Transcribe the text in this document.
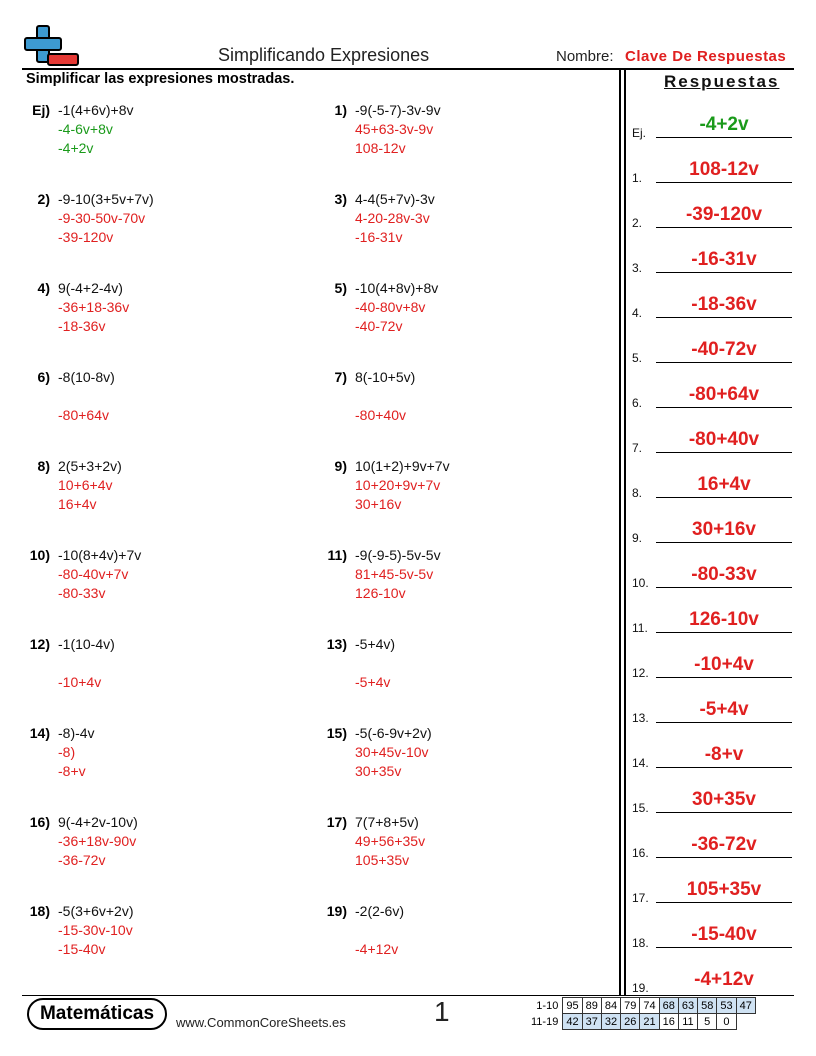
Simplificando Expresiones	Nombre: Clave De Respuestas
Simplificar las expresiones mostradas.
Ej) -1(4+6v)+8v
-4-6v+8v
-4+2v
1) -9(-5-7)-3v-9v
45+63-3v-9v
108-12v
2) -9-10(3+5v+7v)
-9-30-50v-70v
-39-120v
3) 4-4(5+7v)-3v
4-20-28v-3v
-16-31v
4) 9(-4+2-4v)
-36+18-36v
-18-36v
5) -10(4+8v)+8v
-40-80v+8v
-40-72v
6) -8(10-8v)

-80+64v
7) 8(-10+5v)

-80+40v
8) 2(5+3+2v)
10+6+4v
16+4v
9) 10(1+2)+9v+7v
10+20+9v+7v
30+16v
10) -10(8+4v)+7v
-80-40v+7v
-80-33v
11) -9(-9-5)-5v-5v
81+45-5v-5v
126-10v
12) -1(10-4v)

-10+4v
13) -5+4v)

-5+4v
14) -8)-4v
-8)
-8+v
15) -5(-6-9v+2v)
30+45v-10v
30+35v
16) 9(-4+2v-10v)
-36+18v-90v
-36-72v
17) 7(7+8+5v)
49+56+35v
105+35v
18) -5(3+6v+2v)
-15-30v-10v
-15-40v
19) -2(2-6v)

-4+12v
Respuestas
Ej.	-4+2v
1.	108-12v
2.	-39-120v
3.	-16-31v
4.	-18-36v
5.	-40-72v
6.	-80+64v
7.	-80+40v
8.	16+4v
9.	30+16v
10.	-80-33v
11.	126-10v
12.	-10+4v
13.	-5+4v
14.	-8+v
15.	30+35v
16.	-36-72v
17.	105+35v
18.	-15-40v
19.	-4+12v
Matemáticas	www.CommonCoreSheets.es	1	1-10	95	89	84	79	74	68	63	58	53	47
11-19	42	37	32	26	21	16	11	5	0	
